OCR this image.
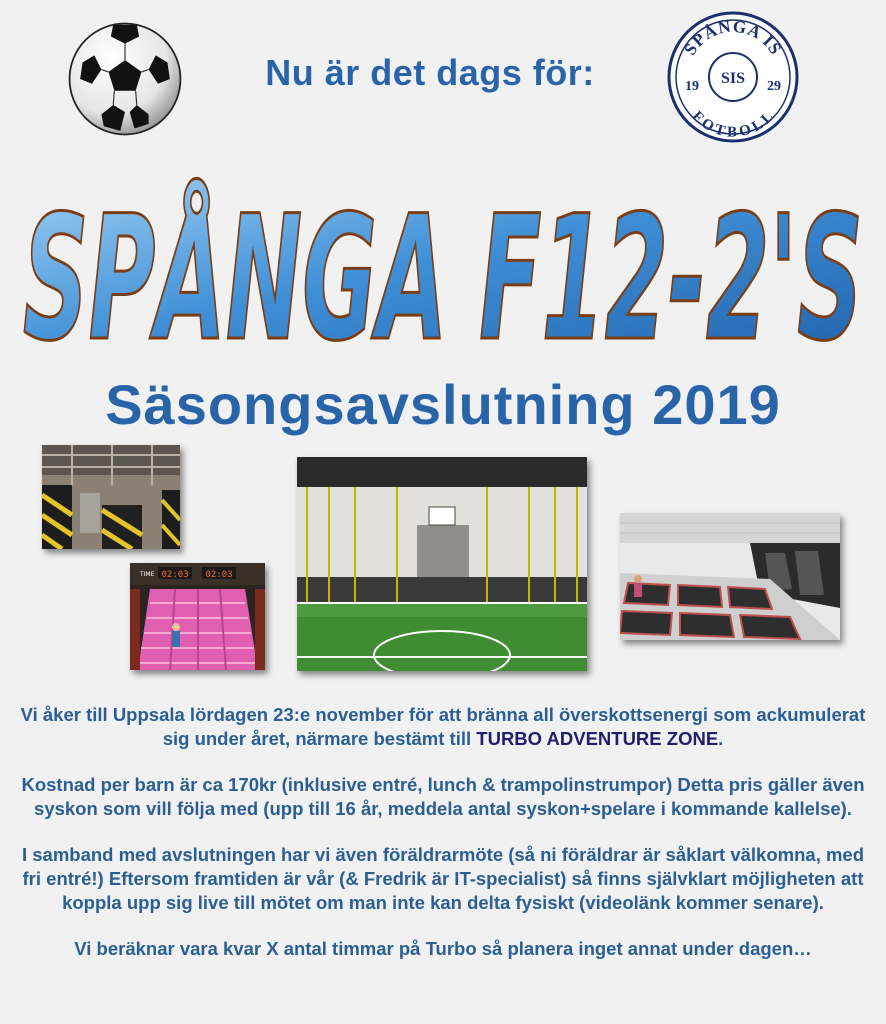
Nu är det dags för:
SPÅNGA IS
FOTBOLL
SIS
19	29
SPÅNGA F12-2'S
Säsongsavslutning 2019
TIME 02:03 02:03

Vi åker till Uppsala lördagen 23:e november för att bränna all överskottsenergi som ackumulerat sig under året, närmare bestämt till TURBO ADVENTURE ZONE.

Kostnad per barn är ca 170kr (inklusive entré, lunch & trampolinstrumpor) Detta pris gäller även syskon som vill följa med (upp till 16 år, meddela antal syskon+spelare i kommande kallelse).

I samband med avslutningen har vi även föräldrarmöte (så ni föräldrar är såklart välkomna, med fri entré!) Eftersom framtiden är vår (& Fredrik är IT-specialist) så finns självklart möjligheten att koppla upp sig live till mötet om man inte kan delta fysiskt (videolänk kommer senare).

Vi beräknar vara kvar X antal timmar på Turbo så planera inget annat under dagen…
